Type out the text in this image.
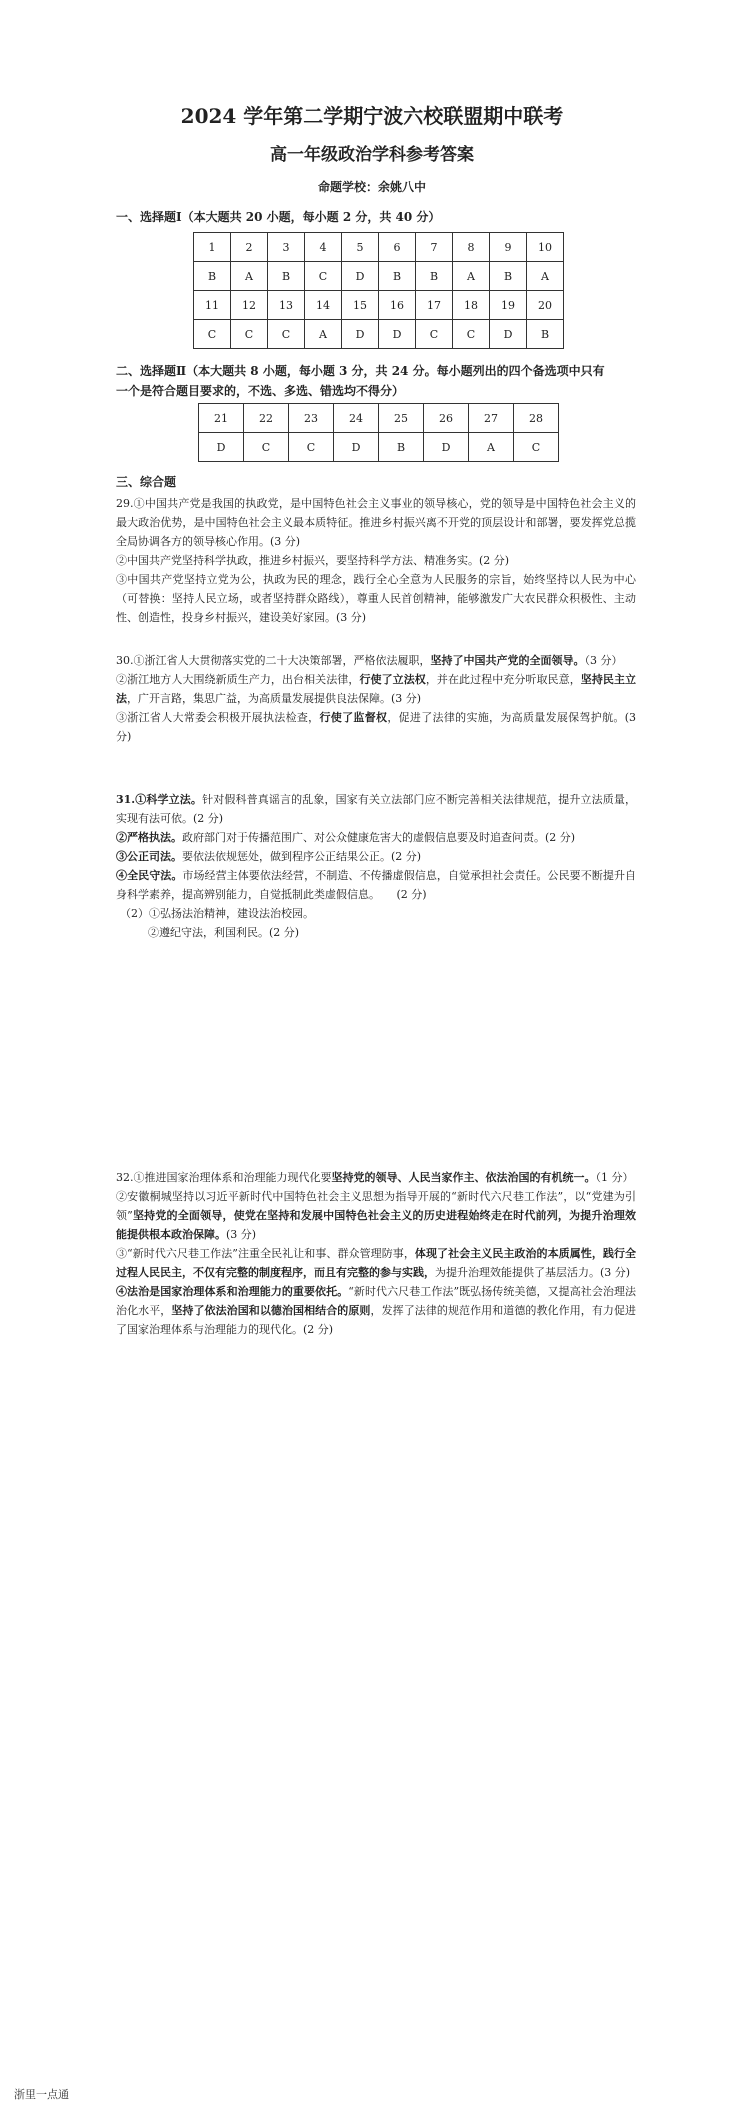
2024 学年第二学期宁波六校联盟期中联考
高一年级政治学科参考答案
命题学校：余姚八中
一、选择题Ⅰ（本大题共 20 小题，每小题 2 分，共 40 分）
1	2	3	4	5	6	7	8	9	10
B	A	B	C	D	B	B	A	B	A
11	12	13	14	15	16	17	18	19	20
C	C	C	A	D	D	C	C	D	B
二、选择题Ⅱ（本大题共 8 小题，每小题 3 分，共 24 分。每小题列出的四个备选项中只有
一个是符合题目要求的，不选、多选、错选均不得分）
21	22	23	24	25	26	27	28
D	C	C	D	B	D	A	C
三、综合题

29.①中国共产党是我国的执政党，是中国特色社会主义事业的领导核心，党的领导是中国特色社会主义的最大政治优势，是中国特色社会主义最本质特征。推进乡村振兴离不开党的顶层设计和部署，要发挥党总揽全局协调各方的领导核心作用。(3 分)

②中国共产党坚持科学执政，推进乡村振兴，要坚持科学方法、精准务实。(2 分)

③中国共产党坚持立党为公，执政为民的理念，践行全心全意为人民服务的宗旨，始终坚持以人民为中心（可替换：坚持人民立场，或者坚持群众路线），尊重人民首创精神，能够激发广大农民群众积极性、主动性、创造性，投身乡村振兴，建设美好家园。(3 分)

30.①浙江省人大贯彻落实党的二十大决策部署，严格依法履职，坚持了中国共产党的全面领导。（3 分）

②浙江地方人大围绕新质生产力，出台相关法律，行使了立法权，并在此过程中充分听取民意，坚持民主立法，广开言路，集思广益，为高质量发展提供良法保障。(3 分)

③浙江省人大常委会积极开展执法检查，行使了监督权，促进了法律的实施，为高质量发展保驾护航。(3 分)

31.①科学立法。针对假科普真谣言的乱象，国家有关立法部门应不断完善相关法律规范，提升立法质量，实现有法可依。(2 分)

②严格执法。政府部门对于传播范围广、对公众健康危害大的虚假信息要及时追查问责。(2 分)

③公正司法。要依法依规惩处，做到程序公正结果公正。(2 分)

④全民守法。市场经营主体要依法经营，不制造、不传播虚假信息，自觉承担社会责任。公民要不断提升自身科学素养，提高辨别能力，自觉抵制此类虚假信息。　　(2 分)

（2）①弘扬法治精神，建设法治校园。

②遵纪守法，利国利民。(2 分)

32.①推进国家治理体系和治理能力现代化要坚持党的领导、人民当家作主、依法治国的有机统一。（1 分）

②安徽桐城坚持以习近平新时代中国特色社会主义思想为指导开展的“新时代六尺巷工作法”，以“党建为引领”坚持党的全面领导，使党在坚持和发展中国特色社会主义的历史进程始终走在时代前列，为提升治理效能提供根本政治保障。(3 分)

③“新时代六尺巷工作法”注重全民礼让和事、群众管理防事，体现了社会主义民主政治的本质属性，践行全过程人民民主，不仅有完整的制度程序，而且有完整的参与实践，为提升治理效能提供了基层活力。(3 分)

④法治是国家治理体系和治理能力的重要依托。“新时代六尺巷工作法”既弘扬传统美德，又提高社会治理法治化水平，坚持了依法治国和以德治国相结合的原则，发挥了法律的规范作用和道德的教化作用，有力促进了国家治理体系与治理能力的现代化。(2 分)

浙里一点通
